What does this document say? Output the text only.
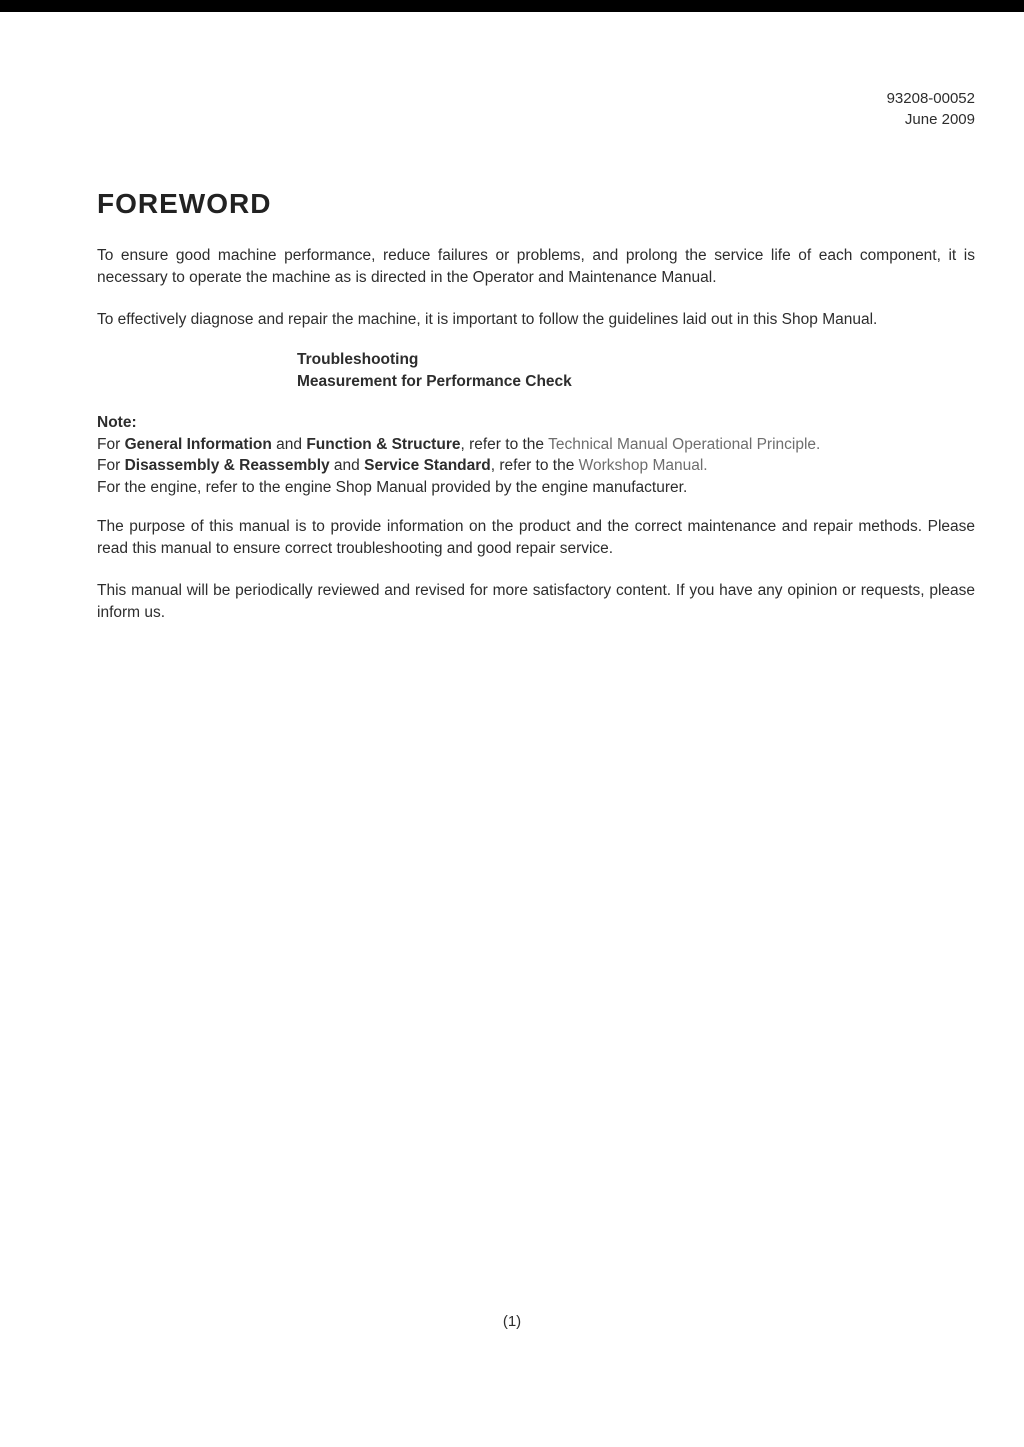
93208-00052
June 2009
FOREWORD

To ensure good machine performance, reduce failures or problems, and prolong the service life of each component, it is necessary to operate the machine as is directed in the Operator and Maintenance Manual.

To effectively diagnose and repair the machine, it is important to follow the guidelines laid out in this Shop Manual.

Troubleshooting
Measurement for Performance Check
Note:
For General Information and Function & Structure, refer to the Technical Manual Operational Principle.
For Disassembly & Reassembly and Service Standard, refer to the Workshop Manual.
For the engine, refer to the engine Shop Manual provided by the engine manufacturer.

The purpose of this manual is to provide information on the product and the correct maintenance and repair methods. Please read this manual to ensure correct troubleshooting and good repair service.

This manual will be periodically reviewed and revised for more satisfactory content. If you have any opinion or requests, please inform us.

(1)
